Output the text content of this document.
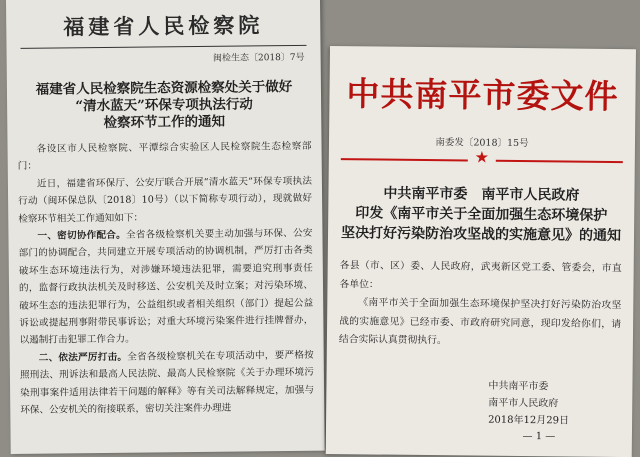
福建省人民检察院
闽检生态〔2018〕7号
福建省人民检察院生态资源检察处关于做好
“清水蓝天”环保专项执法行动
检察环节工作的通知

各设区市人民检察院、平潭综合实验区人民检察院生态检察部门：

近日，福建省环保厅、公安厅联合开展“清水蓝天”环保专项执法行动（闽环保总队〔2018〕10号）（以下简称专项行动），现就做好检察环节相关工作通知如下：

一、密切协作配合。全省各级检察机关要主动加强与环保、公安部门的协调配合，共同建立开展专项活动的协调机制，严厉打击各类破坏生态环境违法行为，对涉嫌环境违法犯罪，需要追究刑事责任的，监督行政执法机关及时移送、公安机关及时立案；对污染环境、破坏生态的违法犯罪行为，公益组织或者相关组织（部门）提起公益诉讼或提起刑事附带民事诉讼；对重大环境污染案件进行挂牌督办，以遏制打击犯罪工作合力。

二、依法严厉打击。全省各级检察机关在专项活动中，要严格按照刑法、刑诉法和最高人民法院、最高人民检察院《关于办理环境污染刑事案件适用法律若干问题的解释》等有关司法解释规定，加强与环保、公安机关的衔接联系，密切关注案件办理进

中共南平市委文件
南委发〔2018〕15号
★
中共南平市委　南平市人民政府
印发《南平市关于全面加强生态环境保护
坚决打好污染防治攻坚战的实施意见》的通知

各县（市、区）委、人民政府，武夷新区党工委、管委会，市直各单位：

《南平市关于全面加强生态环境保护坚决打好污染防治攻坚战的实施意见》已经市委、市政府研究同意，现印发给你们，请结合实际认真贯彻执行。

中共南平市委
南平市人民政府
2018年12月29日
— 1 —
